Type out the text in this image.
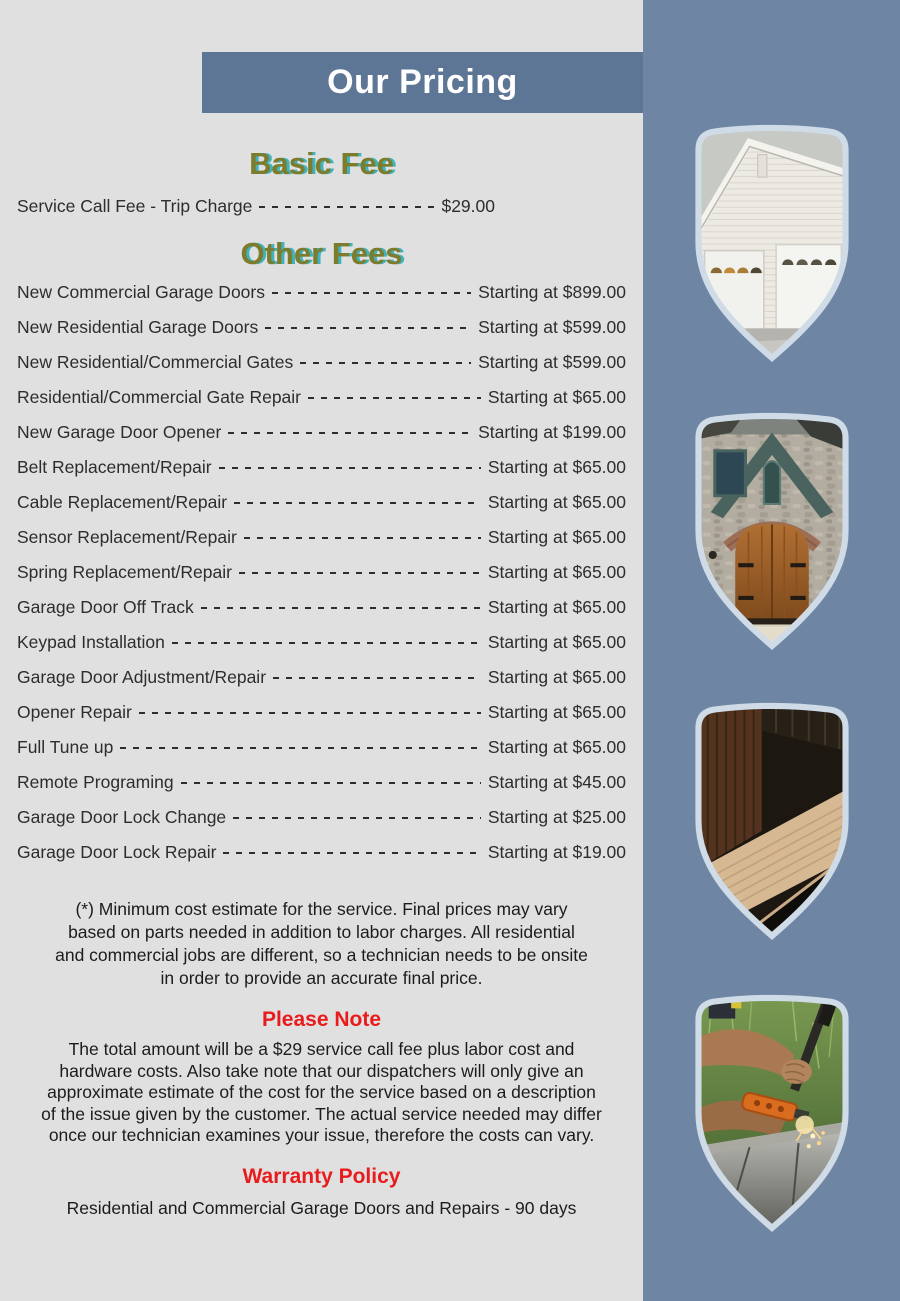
Our Pricing
Basic Fee
Service Call Fee - Trip Charge	$29.00
Other Fees
New Commercial Garage Doors	Starting at $899.00
New Residential Garage Doors	Starting at $599.00
New Residential/Commercial Gates	Starting at $599.00
Residential/Commercial Gate Repair	Starting at $65.00
New Garage Door Opener	Starting at $199.00
Belt Replacement/Repair	Starting at $65.00
Cable Replacement/Repair	Starting at $65.00
Sensor Replacement/Repair	Starting at $65.00
Spring Replacement/Repair	Starting at $65.00
Garage Door Off Track	Starting at $65.00
Keypad Installation	Starting at $65.00
Garage Door Adjustment/Repair	Starting at $65.00
Opener Repair	Starting at $65.00
Full Tune up	Starting at $65.00
Remote Programing	Starting at $45.00
Garage Door Lock Change	Starting at $25.00
Garage Door Lock Repair	Starting at $19.00

(*) Minimum cost estimate for the service. Final prices may vary based on parts needed in addition to labor charges. All residential and commercial jobs are different, so a technician needs to be onsite in order to provide an accurate final price.

Please Note

The total amount will be a $29 service call fee plus labor cost and hardware costs. Also take note that our dispatchers will only give an approximate estimate of the cost for the service based on a description of the issue given by the customer. The actual service needed may differ once our technician examines your issue, therefore the costs can vary.

Warranty Policy

Residential and Commercial Garage Doors and Repairs - 90 days
